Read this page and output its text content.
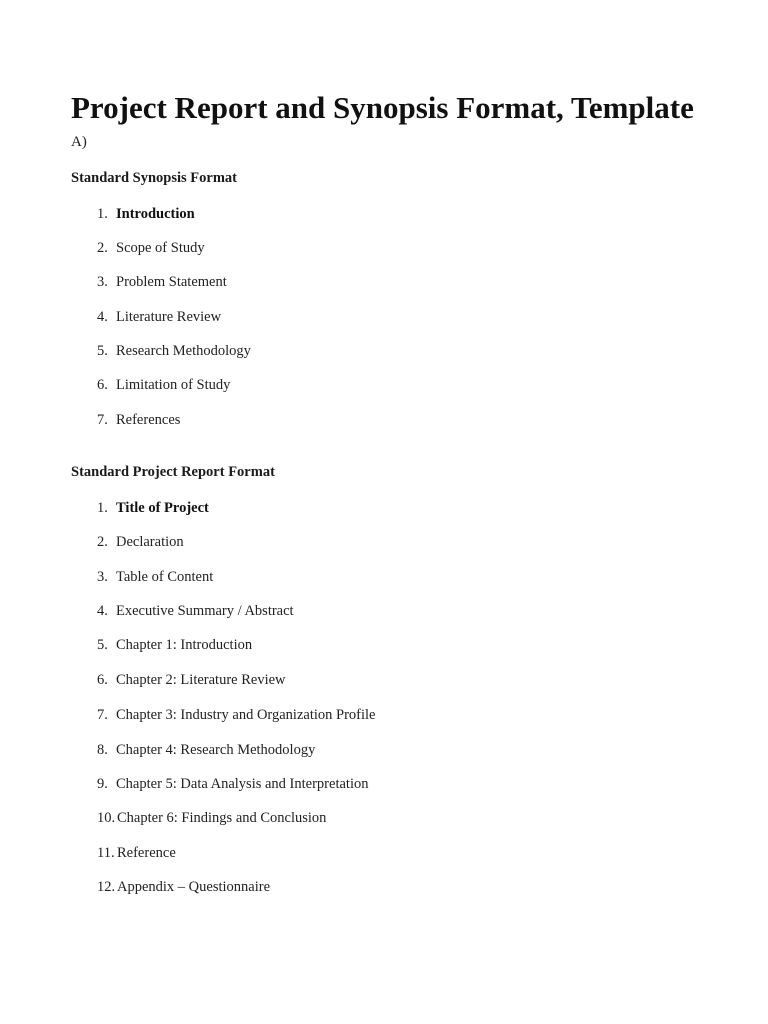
Project Report and Synopsis Format, Template
A)
Standard Synopsis Format
1. Introduction
2. Scope of Study
3. Problem Statement
4. Literature Review
5. Research Methodology
6. Limitation of Study
7. References
Standard Project Report Format
1. Title of Project
2. Declaration
3. Table of Content
4. Executive Summary / Abstract
5. Chapter 1: Introduction
6. Chapter 2: Literature Review
7. Chapter 3: Industry and Organization Profile
8. Chapter 4: Research Methodology
9. Chapter 5: Data Analysis and Interpretation
10. Chapter 6: Findings and Conclusion
11. Reference
12. Appendix – Questionnaire
